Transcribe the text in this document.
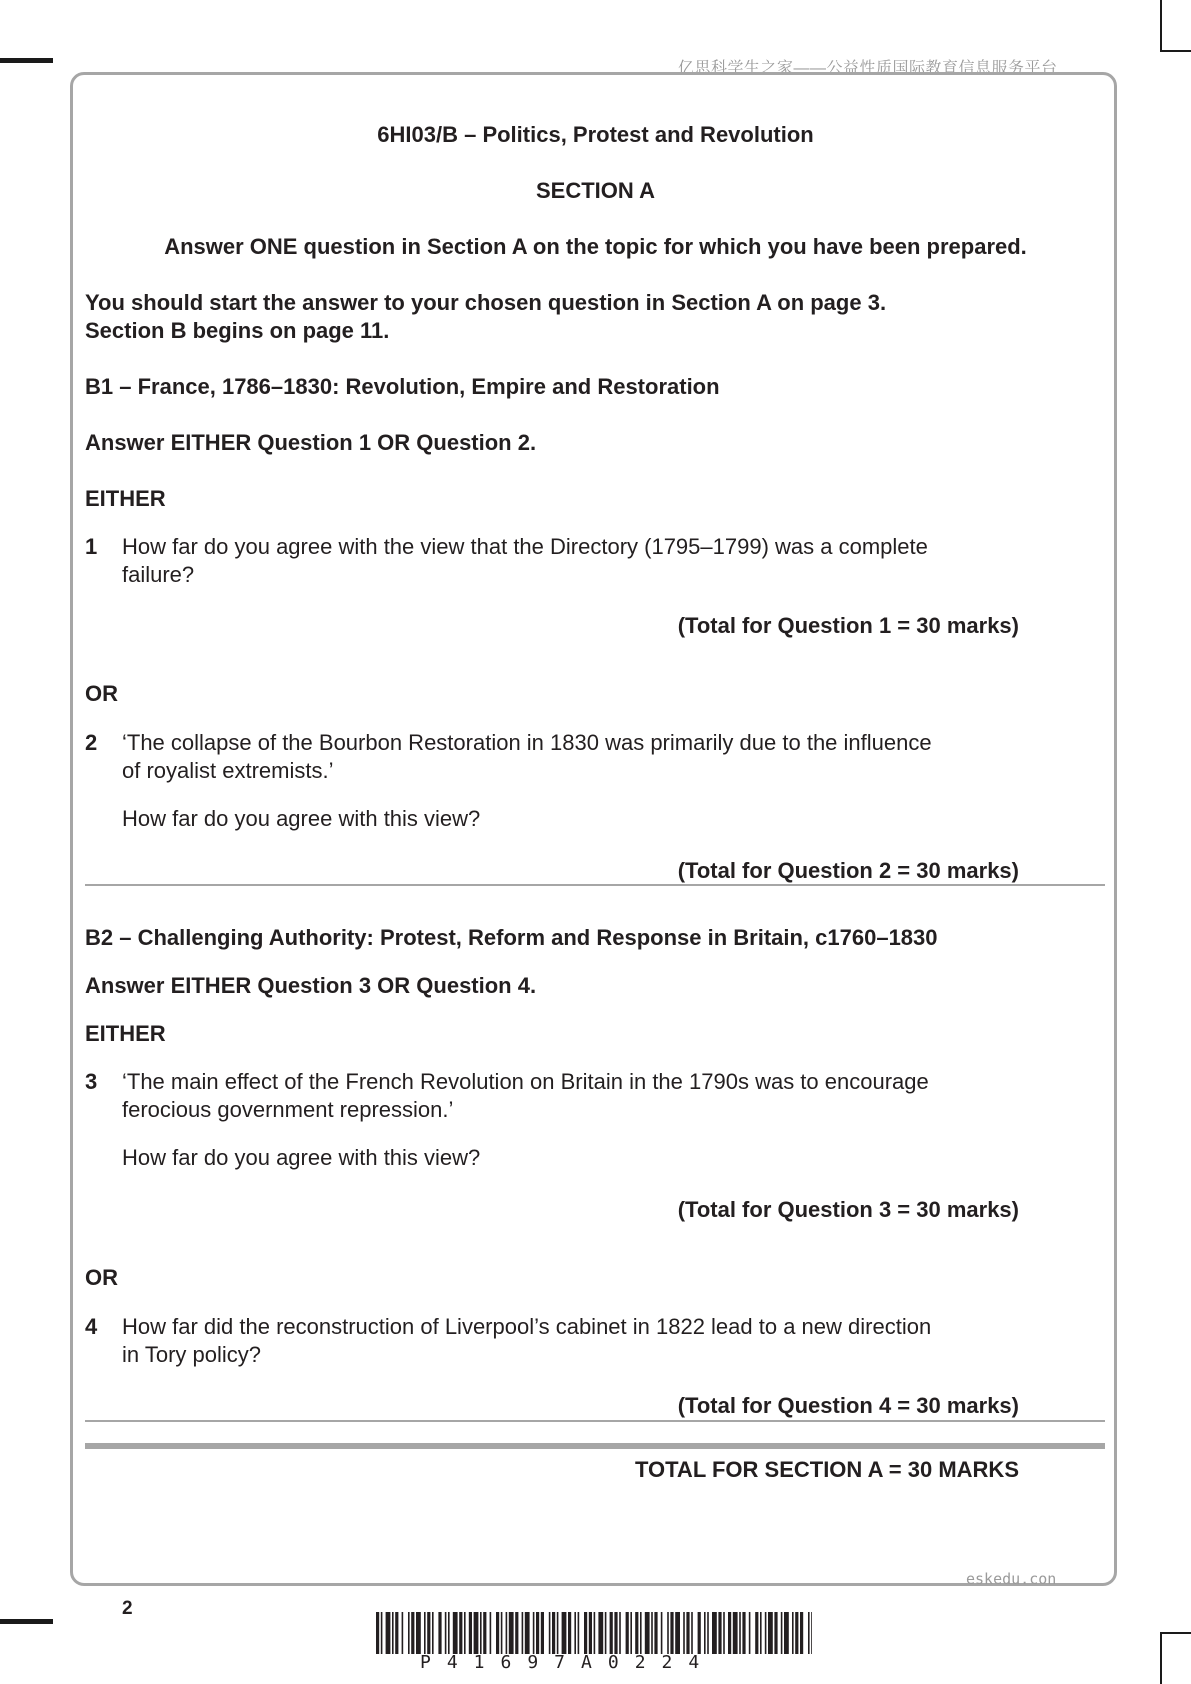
亿思科学生之家——公益性质国际教育信息服务平台
6HI03/B – Politics, Protest and Revolution
SECTION A
Answer ONE question in Section A on the topic for which you have been prepared.
You should start the answer to your chosen question in Section A on page 3.
Section B begins on page 11.
B1 – France, 1786–1830: Revolution, Empire and Restoration
Answer EITHER Question 1 OR Question 2.
EITHER
1 How far do you agree with the view that the Directory (1795–1799) was a complete
failure?
(Total for Question 1 = 30 marks)
OR
2 ‘The collapse of the Bourbon Restoration in 1830 was primarily due to the influence
of royalist extremists.’
How far do you agree with this view?
(Total for Question 2 = 30 marks)
B2 – Challenging Authority: Protest, Reform and Response in Britain, c1760–1830
Answer EITHER Question 3 OR Question 4.
EITHER
3 ‘The main effect of the French Revolution on Britain in the 1790s was to encourage
ferocious government repression.’
How far do you agree with this view?
(Total for Question 3 = 30 marks)
OR
4 How far did the reconstruction of Liverpool’s cabinet in 1822 lead to a new direction
in Tory policy?
(Total for Question 4 = 30 marks)
TOTAL FOR SECTION A = 30 MARKS
eskedu.con
2
P41697A0224
